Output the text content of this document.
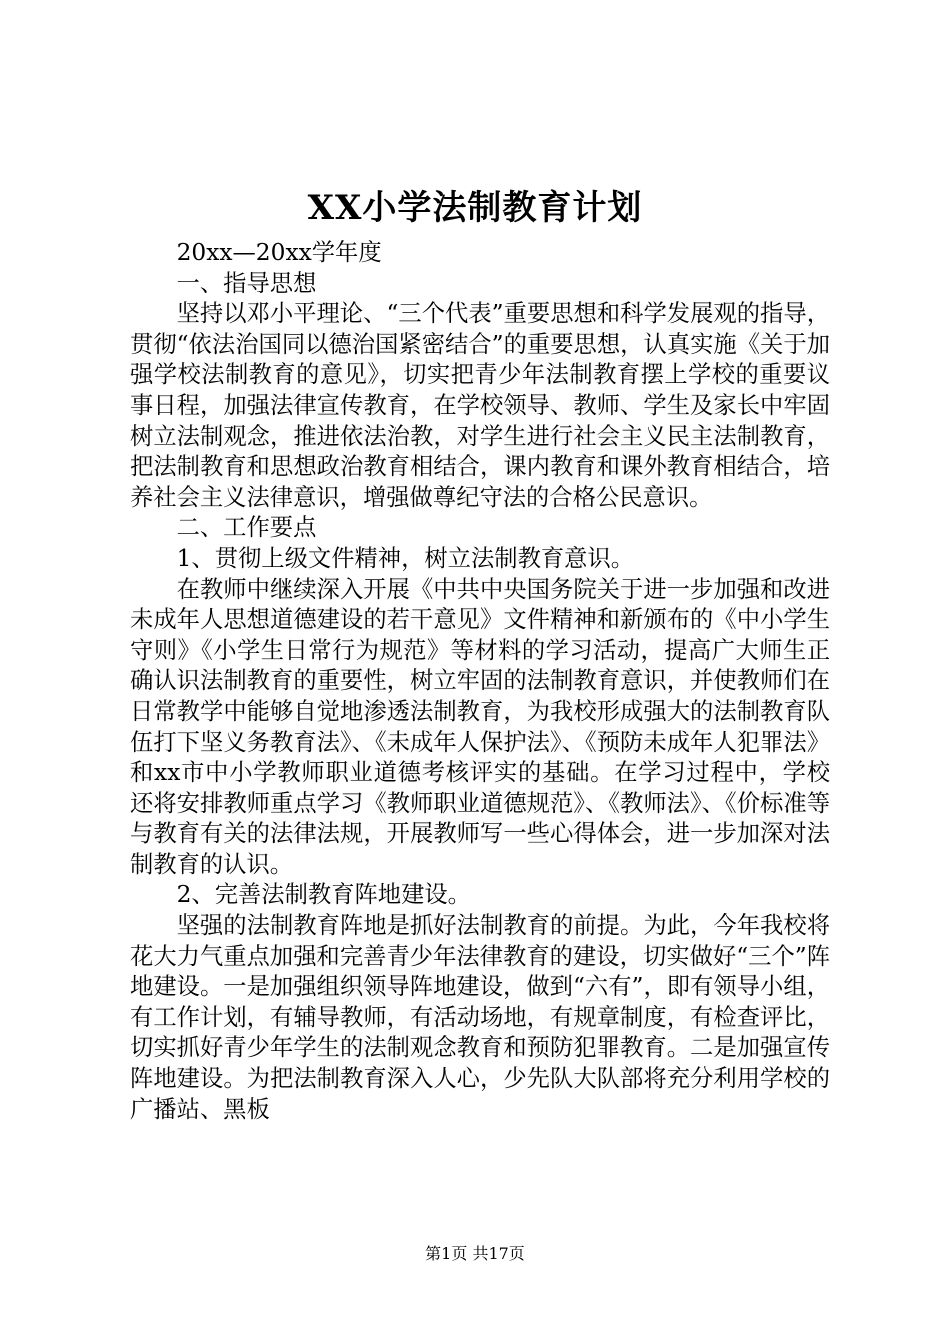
XX小学法制教育计划

20xx—20xx学年度

一、指导思想

坚持以邓小平理论、“三个代表”重要思想和科学发展观的指导，贯彻“依法治国同以德治国紧密结合”的重要思想，认真实施《关于加强学校法制教育的意见》，切实把青少年法制教育摆上学校的重要议事日程，加强法律宣传教育，在学校领导、教师、学生及家长中牢固树立法制观念，推进依法治教，对学生进行社会主义民主法制教育，把法制教育和思想政治教育相结合，课内教育和课外教育相结合，培养社会主义法律意识，增强做尊纪守法的合格公民意识。

二、工作要点

1、贯彻上级文件精神，树立法制教育意识。

在教师中继续深入开展《中共中央国务院关于进一步加强和改进未成年人思想道德建设的若干意见》文件精神和新颁布的《中小学生守则》《小学生日常行为规范》等材料的学习活动，提高广大师生正确认识法制教育的重要性，树立牢固的法制教育意识，并使教师们在日常教学中能够自觉地渗透法制教育，为我校形成强大的法制教育队伍打下坚义务教育法》、《未成年人保护法》、《预防未成年人犯罪法》和xx市中小学教师职业道德考核评实的基础。在学习过程中，学校还将安排教师重点学习《教师职业道德规范》、《教师法》、《价标准等与教育有关的法律法规，开展教师写一些心得体会，进一步加深对法制教育的认识。

2、完善法制教育阵地建设。

坚强的法制教育阵地是抓好法制教育的前提。为此，今年我校将花大力气重点加强和完善青少年法律教育的建设，切实做好“三个”阵地建设。一是加强组织领导阵地建设，做到“六有”，即有领导小组，有工作计划，有辅导教师，有活动场地，有规章制度，有检查评比，切实抓好青少年学生的法制观念教育和预防犯罪教育。二是加强宣传阵地建设。为把法制教育深入人心，少先队大队部将充分利用学校的广播站、黑板

第1页 共17页
